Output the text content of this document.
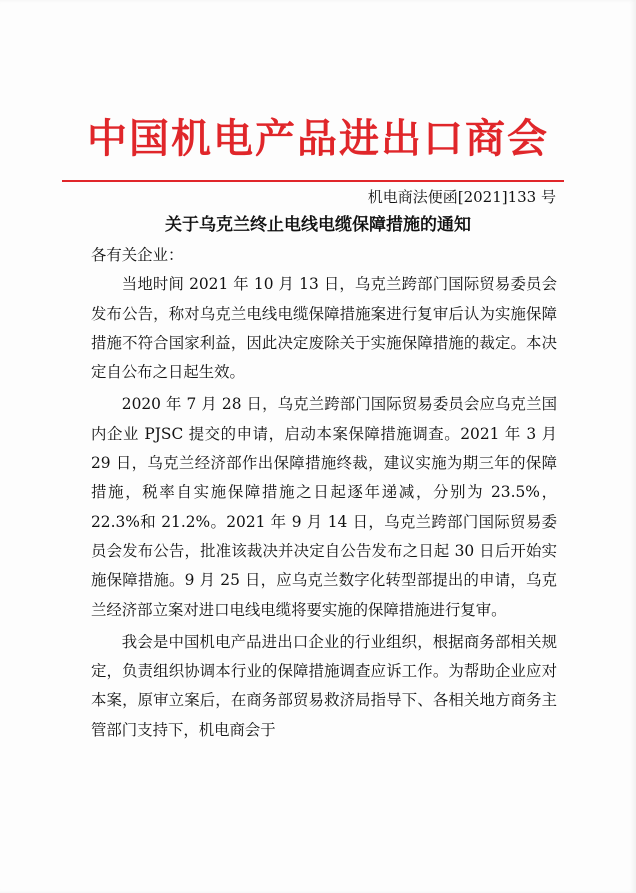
中国机电产品进出口商会
机电商法便函[2021]133 号
关于乌克兰终止电线电缆保障措施的通知

各有关企业：

当地时间 2021 年 10 月 13 日，乌克兰跨部门国际贸易委员会发布公告，称对乌克兰电线电缆保障措施案进行复审后认为实施保障措施不符合国家利益，因此决定废除关于实施保障措施的裁定。本决定自公布之日起生效。

2020 年 7 月 28 日，乌克兰跨部门国际贸易委员会应乌克兰国内企业 PJSC 提交的申请，启动本案保障措施调查。2021 年 3 月 29 日，乌克兰经济部作出保障措施终裁，建议实施为期三年的保障措施，税率自实施保障措施之日起逐年递减，分别为 23.5%，22.3%和 21.2%。2021 年 9 月 14 日，乌克兰跨部门国际贸易委员会发布公告，批准该裁决并决定自公告发布之日起 30 日后开始实施保障措施。9 月 25 日，应乌克兰数字化转型部提出的申请，乌克兰经济部立案对进口电线电缆将要实施的保障措施进行复审。

我会是中国机电产品进出口企业的行业组织，根据商务部相关规定，负责组织协调本行业的保障措施调查应诉工作。为帮助企业应对本案，原审立案后，在商务部贸易救济局指导下、各相关地方商务主管部门支持下，机电商会于
